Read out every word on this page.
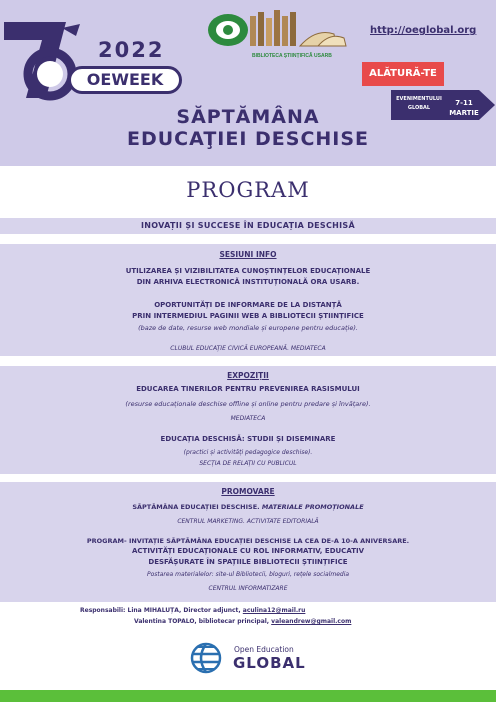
2022
OEWEEK
BIBLIOTECA ȘTIINȚIFICĂ USARB
http://oeglobal.org
ALĂTURĂ-TE
EVENIMENTULUI
GLOBAL
7-11
MARTIE
SĂPTĂMÂNA
EDUCAŢIEI DESCHISE
PROGRAM
INOVAȚII ȘI SUCCESE ÎN EDUCAȚIA DESCHISĂ
SESIUNI INFO
UTILIZAREA ȘI VIZIBILITATEA CUNOȘTINȚELOR EDUCAȚIONALE
DIN ARHIVA ELECTRONICĂ INSTITUȚIONALĂ ORA USARB.
OPORTUNITĂȚI DE INFORMARE DE LA DISTANȚĂ
PRIN INTERMEDIUL PAGINII WEB A BIBLIOTECII ȘTIINȚIFICE
(baze de date, resurse web mondiale și europene pentru educație).
CLUBUL EDUCAȚIE CIVICĂ EUROPEANĂ. MEDIATECA
EXPOZIȚII
EDUCAREA TINERILOR PENTRU PREVENIREA RASISMULUI
(resurse educaționale deschise offline și online pentru predare și învățare).
MEDIATECA
EDUCAȚIA DESCHISĂ: STUDII ȘI DISEMINARE
(practici și activități pedagogice deschise).
SECȚIA DE RELAȚII CU PUBLICUL
PROMOVARE
SĂPTĂMÂNA EDUCAȚIEI DESCHISE. MATERIALE PROMOȚIONALE
CENTRUL MARKETING. ACTIVITATE EDITORIALĂ
PROGRAM- INVITAȚIE SĂPTĂMÂNA EDUCAȚIEI DESCHISE LA CEA DE-A 10-A ANIVERSARE.
ACTIVITĂȚI EDUCAȚIONALE CU ROL INFORMATIV, EDUCATIV
DESFĂȘURATE ÎN SPAȚIILE BIBLIOTECII ȘTIINȚIFICE
Postarea materialelor: site-ul Bibliotecii, bloguri, rețele socialmedia
CENTRUL INFORMATIZARE
Responsabili: Lina MIHALUȚA, Director adjunct, aculina12@mail.ru
Valentina TOPALO, bibliotecar principal, valeandrew@gmail.com
Open Education
GLOBAL
